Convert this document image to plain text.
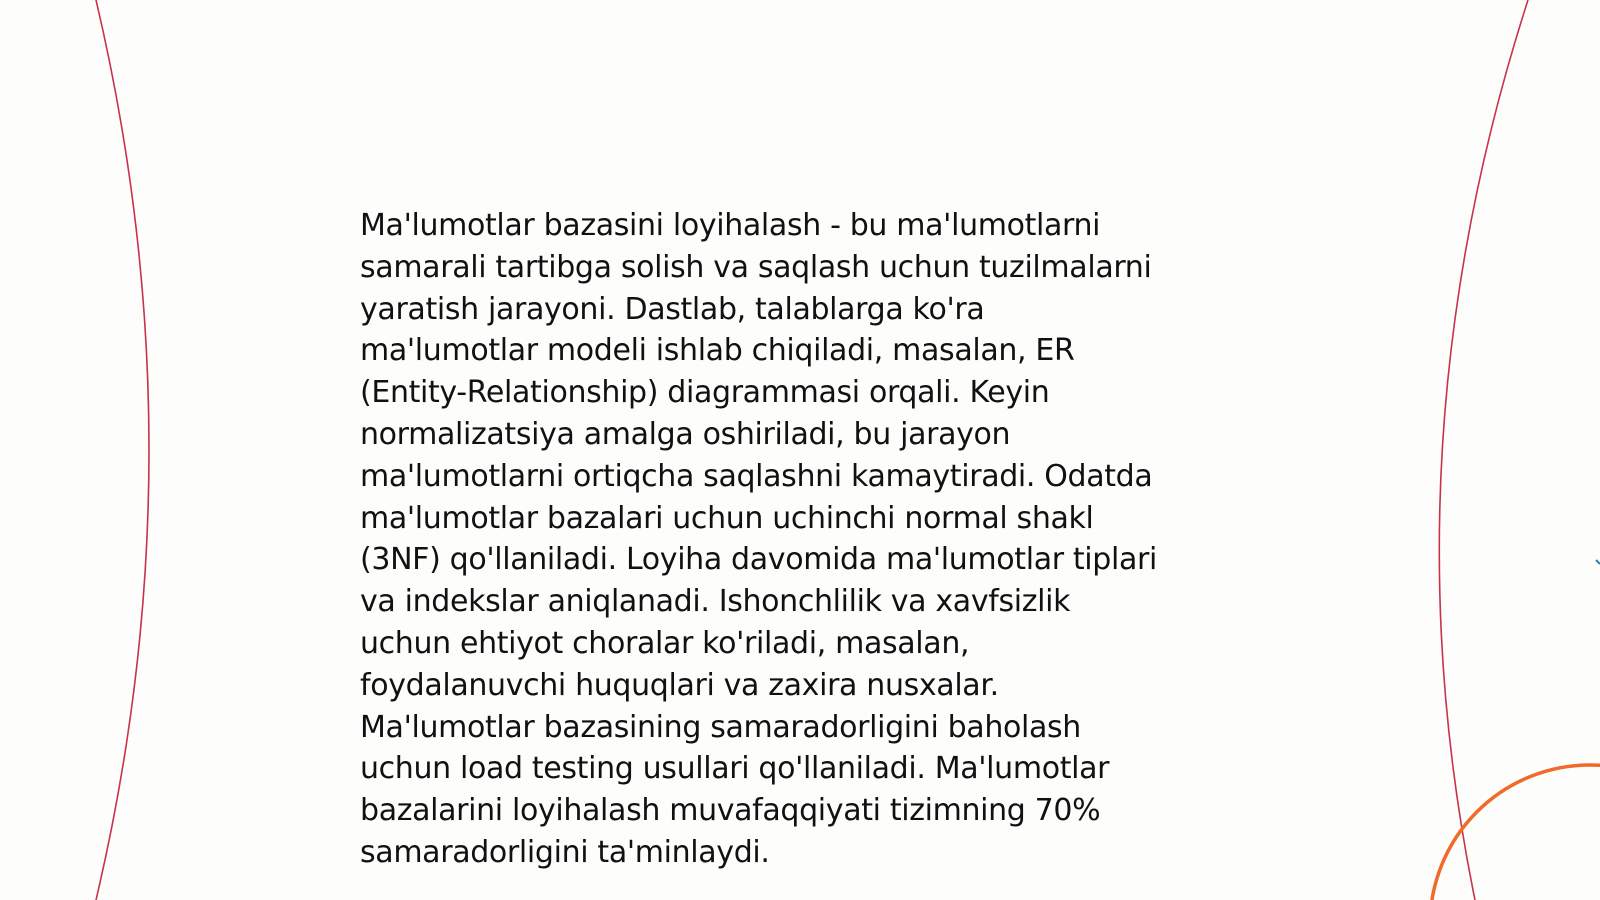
Ma'lumotlar bazasini loyihalash - bu ma'lumotlarni
samarali tartibga solish va saqlash uchun tuzilmalarni
yaratish jarayoni. Dastlab, talablarga ko'ra
ma'lumotlar modeli ishlab chiqiladi, masalan, ER
(Entity-Relationship) diagrammasi orqali. Keyin
normalizatsiya amalga oshiriladi, bu jarayon
ma'lumotlarni ortiqcha saqlashni kamaytiradi. Odatda
ma'lumotlar bazalari uchun uchinchi normal shakl
(3NF) qo'llaniladi. Loyiha davomida ma'lumotlar tiplari
va indekslar aniqlanadi. Ishonchlilik va xavfsizlik
uchun ehtiyot choralar ko'riladi, masalan,
foydalanuvchi huquqlari va zaxira nusxalar.
Ma'lumotlar bazasining samaradorligini baholash
uchun load testing usullari qo'llaniladi. Ma'lumotlar
bazalarini loyihalash muvafaqqiyati tizimning 70%
samaradorligini ta'minlaydi.
